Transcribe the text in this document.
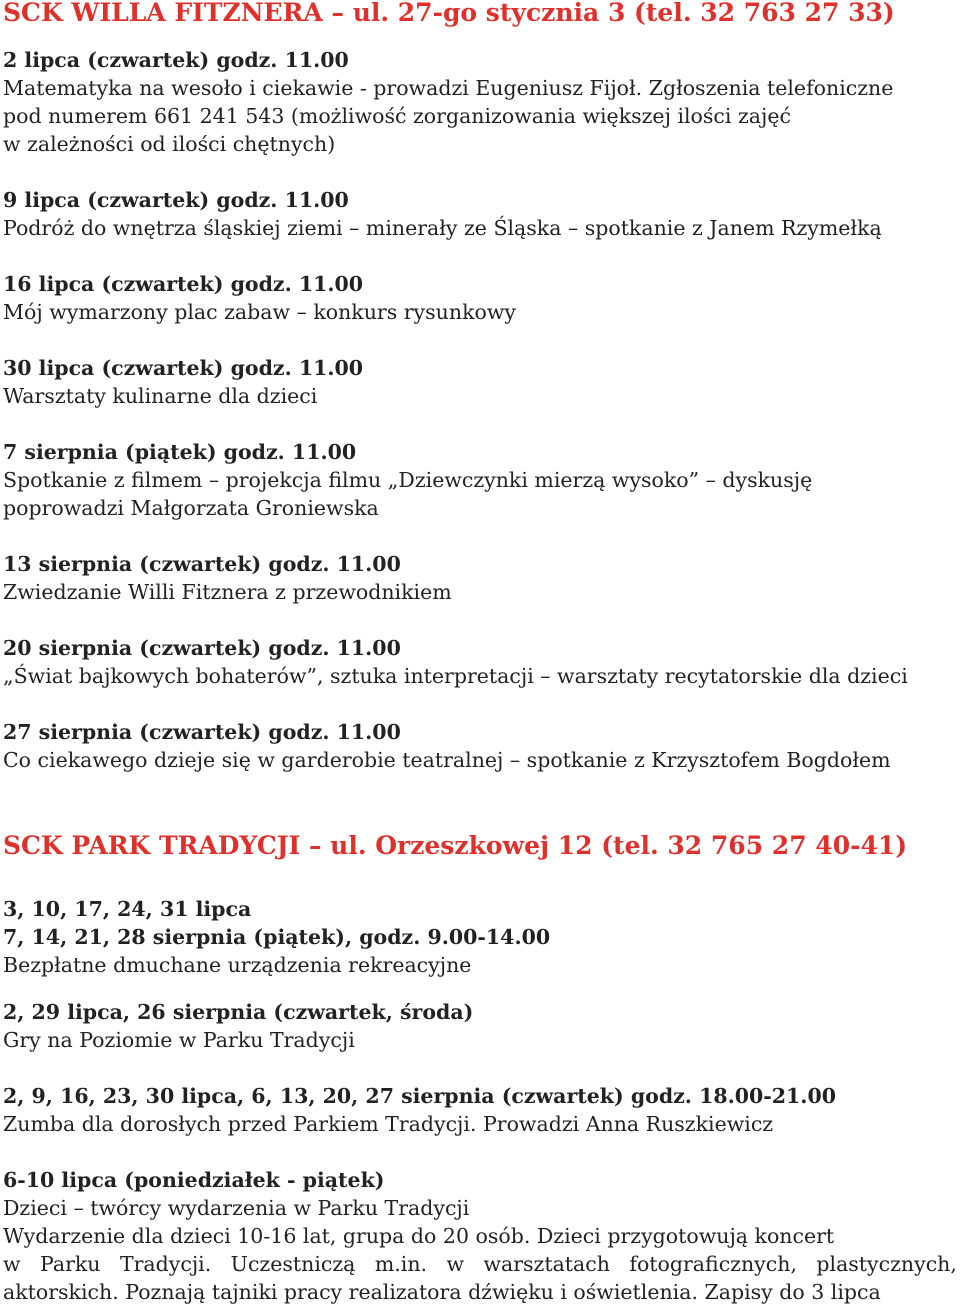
SCK WILLA FITZNERA – ul. 27-go stycznia 3 (tel. 32 763 27 33)

2 lipca (czwartek) godz. 11.00

Matematyka na wesoło i ciekawie - prowadzi Eugeniusz Fijoł. Zgłoszenia telefoniczne

pod numerem 661 241 543 (możliwość zorganizowania większej ilości zajęć

w zależności od ilości chętnych)

9 lipca (czwartek) godz. 11.00

Podróż do wnętrza śląskiej ziemi – minerały ze Śląska – spotkanie z Janem Rzymełką

16 lipca (czwartek) godz. 11.00

Mój wymarzony plac zabaw – konkurs rysunkowy

30 lipca (czwartek) godz. 11.00

Warsztaty kulinarne dla dzieci

7 sierpnia (piątek) godz. 11.00

Spotkanie z filmem – projekcja filmu „Dziewczynki mierzą wysoko” – dyskusję

poprowadzi Małgorzata Groniewska

13 sierpnia (czwartek) godz. 11.00

Zwiedzanie Willi Fitznera z przewodnikiem

20 sierpnia (czwartek) godz. 11.00

„Świat bajkowych bohaterów”, sztuka interpretacji – warsztaty recytatorskie dla dzieci

27 sierpnia (czwartek) godz. 11.00

Co ciekawego dzieje się w garderobie teatralnej – spotkanie z Krzysztofem Bogdołem

SCK PARK TRADYCJI – ul. Orzeszkowej 12 (tel. 32 765 27 40-41)

3, 10, 17, 24, 31 lipca

7, 14, 21, 28 sierpnia (piątek), godz. 9.00-14.00

Bezpłatne dmuchane urządzenia rekreacyjne

2, 29 lipca, 26 sierpnia (czwartek, środa)

Gry na Poziomie w Parku Tradycji

2, 9, 16, 23, 30 lipca, 6, 13, 20, 27 sierpnia (czwartek) godz. 18.00-21.00

Zumba dla dorosłych przed Parkiem Tradycji. Prowadzi Anna Ruszkiewicz

6-10 lipca (poniedziałek - piątek)

Dzieci – twórcy wydarzenia w Parku Tradycji

Wydarzenie dla dzieci 10-16 lat, grupa do 20 osób. Dzieci przygotowują koncert

w Parku Tradycji. Uczestniczą m.in. w warsztatach fotograficznych, plastycznych,

aktorskich. Poznają tajniki pracy realizatora dźwięku i oświetlenia. Zapisy do 3 lipca
